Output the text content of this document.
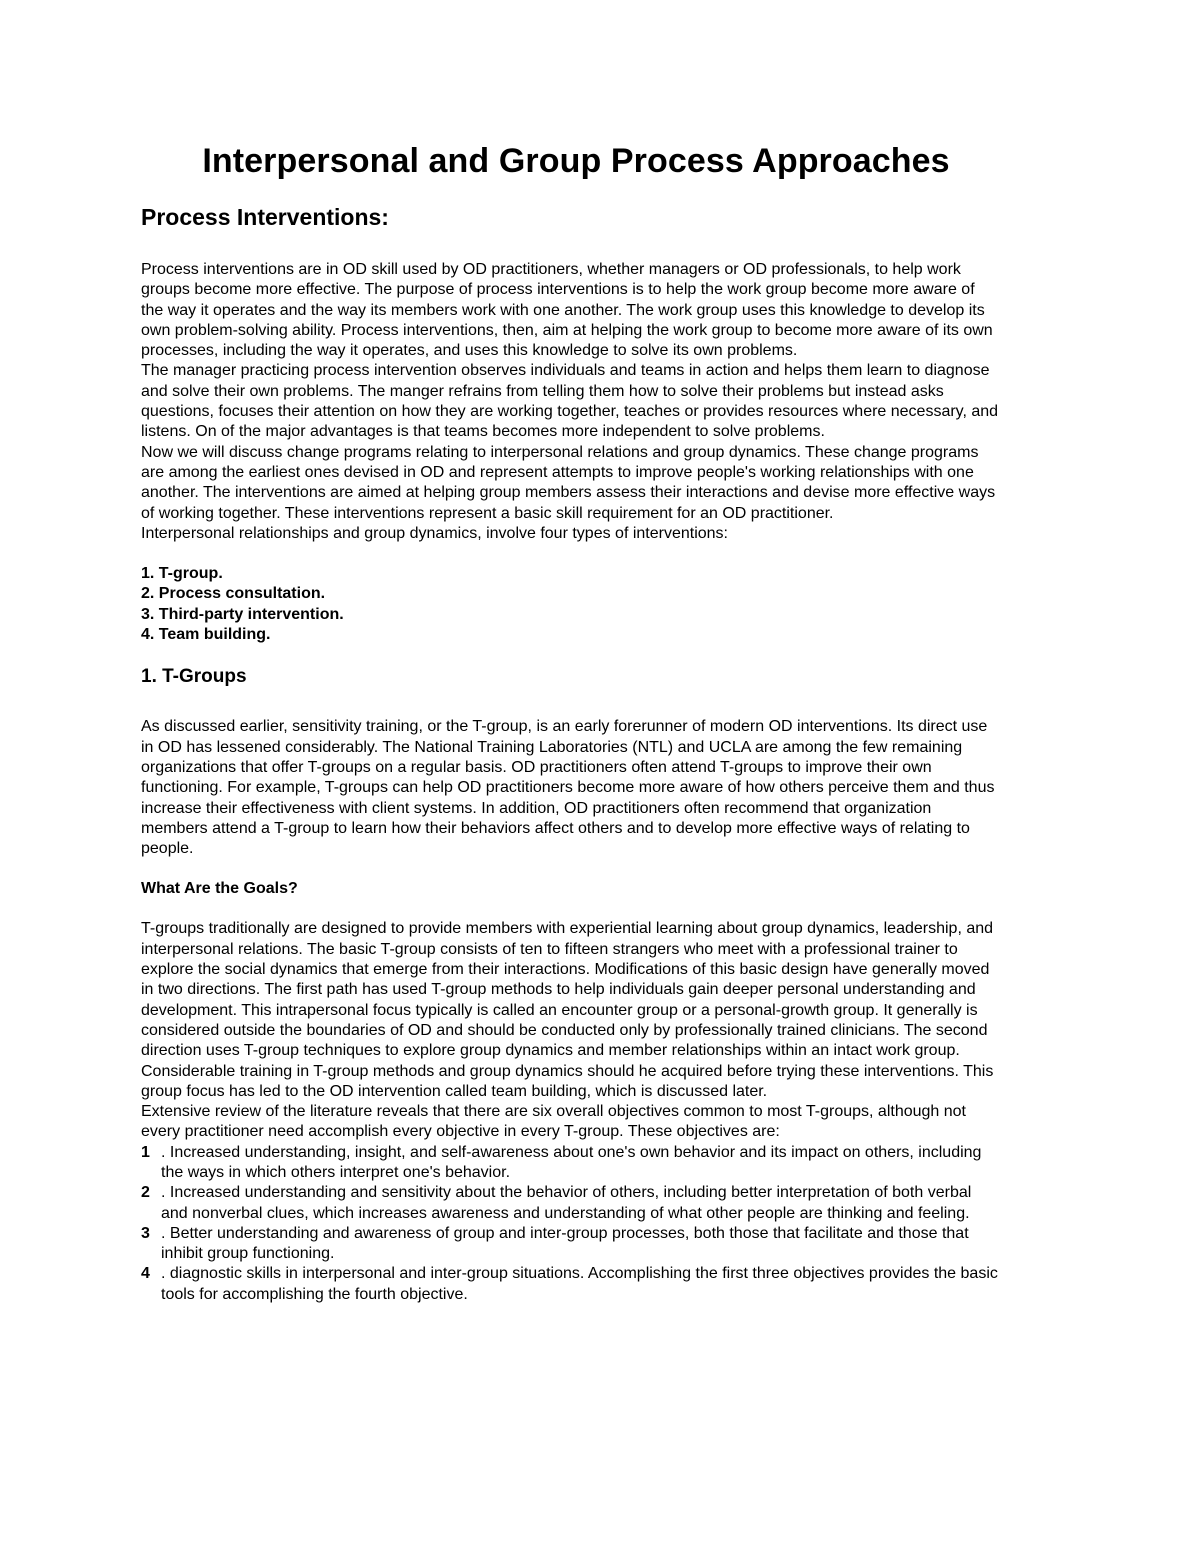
Interpersonal and Group Process Approaches
Process Interventions:

Process interventions are in OD skill used by OD practitioners, whether managers or OD professionals, to help work groups become more effective. The purpose of process interventions is to help the work group become more aware of the way it operates and the way its members work with one another. The work group uses this knowledge to develop its own problem-solving ability. Process interventions, then, aim at helping the work group to become more aware of its own processes, including the way it operates, and uses this knowledge to solve its own problems.

The manager practicing process intervention observes individuals and teams in action and helps them learn to diagnose and solve their own problems. The manger refrains from telling them how to solve their problems but instead asks questions, focuses their attention on how they are working together, teaches or provides resources where necessary, and listens. On of the major advantages is that teams becomes more independent to solve problems.

Now we will discuss change programs relating to interpersonal relations and group dynamics. These change programs are among the earliest ones devised in OD and represent attempts to improve people's working relationships with one another. The interventions are aimed at helping group members assess their interactions and devise more effective ways of working together. These interventions represent a basic skill requirement for an OD practitioner.

Interpersonal relationships and group dynamics, involve four types of interventions:

1. T-group.
2. Process consultation.
3. Third-party intervention.
4. Team building.
1. T-Groups

As discussed earlier, sensitivity training, or the T-group, is an early forerunner of modern OD interventions. Its direct use in OD has lessened considerably. The National Training Laboratories (NTL) and UCLA are among the few remaining organizations that offer T-groups on a regular basis. OD practitioners often attend T-groups to improve their own functioning. For example, T-groups can help OD practitioners become more aware of how others perceive them and thus increase their effectiveness with client systems. In addition, OD practitioners often recommend that organization members attend a T-group to learn how their behaviors affect others and to develop more effective ways of relating to people.

What Are the Goals?

T-groups traditionally are designed to provide members with experiential learning about group dynamics, leadership, and interpersonal relations. The basic T-group consists of ten to fifteen strangers who meet with a professional trainer to explore the social dynamics that emerge from their interactions. Modifications of this basic design have generally moved in two directions. The first path has used T-group methods to help individuals gain deeper personal understanding and development. This intrapersonal focus typically is called an encounter group or a personal-growth group. It generally is considered outside the boundaries of OD and should be conducted only by professionally trained clinicians. The second direction uses T-group techniques to explore group dynamics and member relationships within an intact work group. Considerable training in T-group methods and group dynamics should he acquired before trying these interventions. This group focus has led to the OD intervention called team building, which is discussed later.

Extensive review of the literature reveals that there are six overall objectives common to most T-groups, although not every practitioner need accomplish every objective in every T-group. These objectives are:

1 . Increased understanding, insight, and self-awareness about one's own behavior and its impact on others, including the ways in which others interpret one's behavior.
2 . Increased understanding and sensitivity about the behavior of others, including better interpretation of both verbal and nonverbal clues, which increases awareness and understanding of what other people are thinking and feeling.
3 . Better understanding and awareness of group and inter-group processes, both those that facilitate and those that inhibit group functioning.
4 . diagnostic skills in interpersonal and inter-group situations. Accomplishing the first three objectives provides the basic tools for accomplishing the fourth objective.
